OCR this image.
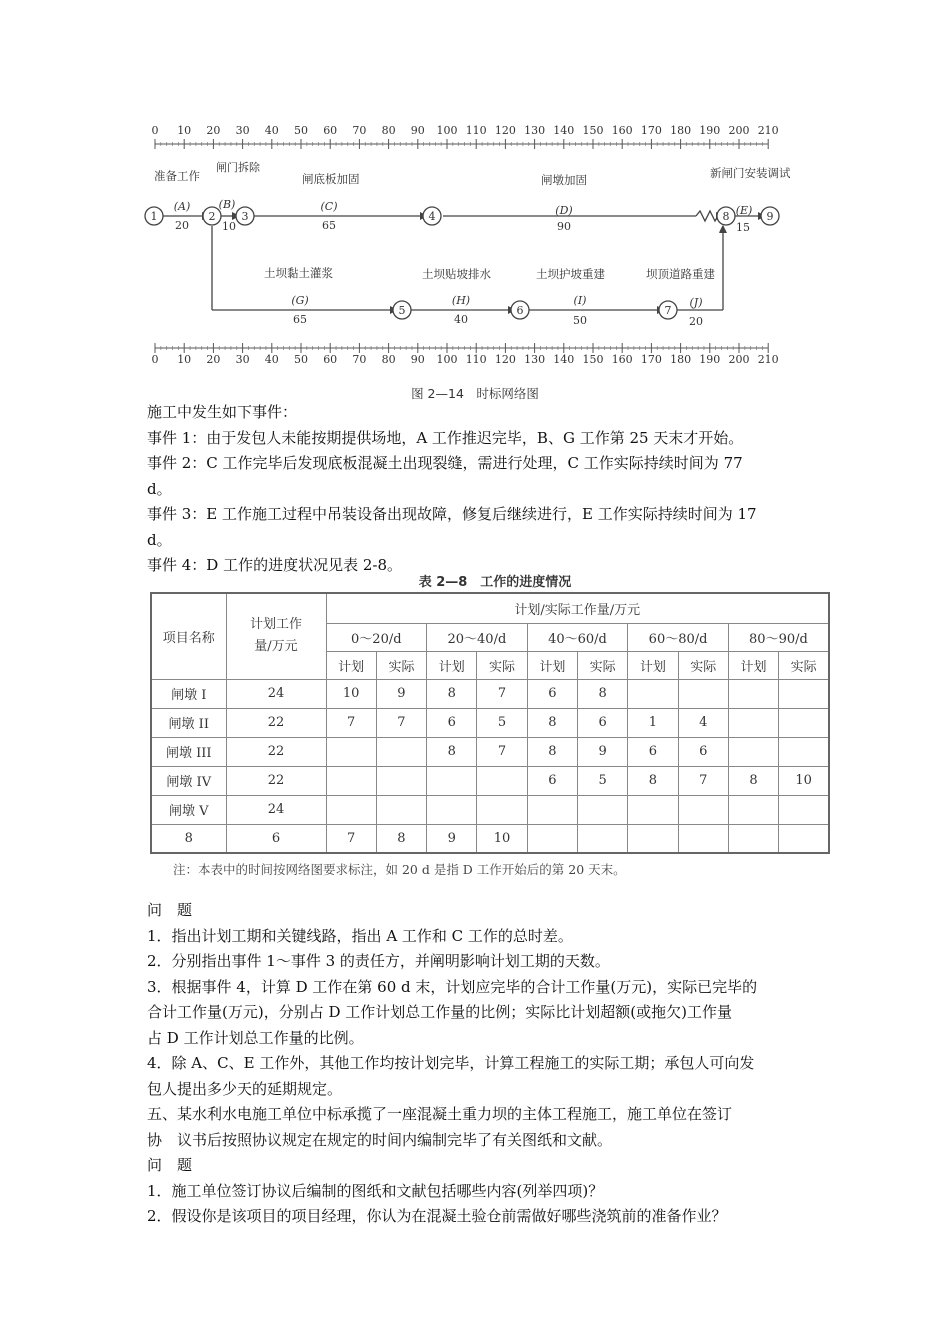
0 10 20 30 40 50 60 70 80 90 100 110 120 130 140 150 160 170 180 190 200 210
0 10 20 30 40 50 60 70 80 90 100 110 120 130 140 150 160 170 180 190 200 210
1	2 3	4
5	6	7
8	9
准备工作
闸门拆除
闸底板加固	闸墩加固	新闸门安装调试
土坝黏土灌浆	土坝贴坡排水	土坝护坡重建	坝顶道路重建
(A)	(B)	(C)	(D)	(E)
(G)	(H)	(I)	(J)
20	10	65	90	15
65	40	50	20
图 2—14　时标网络图

施工中发生如下事件：

事件 1：由于发包人未能按期提供场地，A 工作推迟完毕，B、G 工作第 25 天末才开始。

事件 2：C 工作完毕后发现底板混凝土出现裂缝，需进行处理，C 工作实际持续时间为 77

d。

事件 3：E 工作施工过程中吊装设备出现故障，修复后继续进行，E 工作实际持续时间为 17

d。

事件 4：D 工作的进度状况见表 2-8。

表 2—8　工作的进度情况
项目名称	计划工作量/万元	计划/实际工作量/万元									
		0～20/d		20～40/d		40～60/d		60～80/d		80～90/d	
		计划	实际	计划	实际	计划	实际	计划	实际	计划	实际
闸墩 I	24	10	9	8	7	6	8				
闸墩 II	22	7	7	6	5	8	6	1	4		
闸墩 III	22			8	7	8	9	6	6		
闸墩 IV	22					6	5	8	7	8	10
闸墩 V	24										
8	6	7	8	9	10						
注：本表中的时间按网络图要求标注，如 20 d 是指 D 工作开始后的第 20 天末。

问　题

1．指出计划工期和关键线路，指出 A 工作和 C 工作的总时差。

2．分别指出事件 1～事件 3 的责任方，并阐明影响计划工期的天数。

3．根据事件 4，计算 D 工作在第 60 d 末，计划应完毕的合计工作量(万元)，实际已完毕的

合计工作量(万元)，分别占 D 工作计划总工作量的比例；实际比计划超额(或拖欠)工作量

占 D 工作计划总工作量的比例。

4．除 A、C、E 工作外，其他工作均按计划完毕，计算工程施工的实际工期；承包人可向发

包人提出多少天的延期规定。

五、某水利水电施工单位中标承揽了一座混凝土重力坝的主体工程施工，施工单位在签订

协　议书后按照协议规定在规定的时间内编制完毕了有关图纸和文献。

问　题

1．施工单位签订协议后编制的图纸和文献包括哪些内容(列举四项)？

2．假设你是该项目的项目经理，你认为在混凝土验仓前需做好哪些浇筑前的准备作业？
